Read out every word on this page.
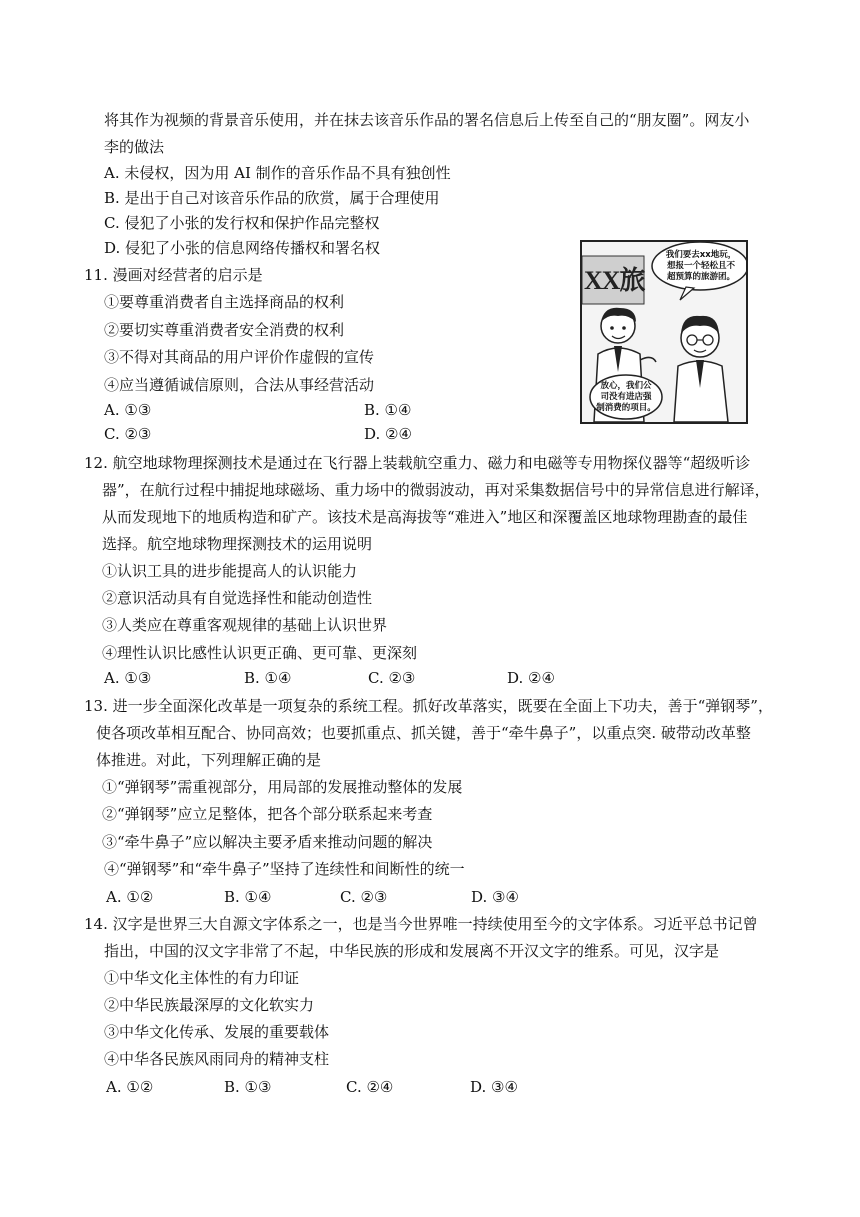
将其作为视频的背景音乐使用，并在抹去该音乐作品的署名信息后上传至自己的“朋友圈”。网友小
李的做法
A. 未侵权，因为用 AI 制作的音乐作品不具有独创性
B. 是出于自己对该音乐作品的欣赏，属于合理使用
C. 侵犯了小张的发行权和保护作品完整权
D. 侵犯了小张的信息网络传播权和署名权
11. 漫画对经营者的启示是
①要尊重消费者自主选择商品的权利
②要切实尊重消费者安全消费的权利
③不得对其商品的用户评价作虚假的宣传
④应当遵循诚信原则，合法从事经营活动
A. ①③	B. ①④
C. ②③	D. ②④
XX旅
我们要去xx地玩，
想报一个轻松且不
超预算的旅游团。
放心，我们公
司没有进店强
制消费的项目。
12. 航空地球物理探测技术是通过在飞行器上装载航空重力、磁力和电磁等专用物探仪器等“超级听诊
器”，在航行过程中捕捉地球磁场、重力场中的微弱波动，再对采集数据信号中的异常信息进行解译，
从而发现地下的地质构造和矿产。该技术是高海拔等“难进入”地区和深覆盖区地球物理勘查的最佳
选择。航空地球物理探测技术的运用说明
①认识工具的进步能提高人的认识能力
②意识活动具有自觉选择性和能动创造性
③人类应在尊重客观规律的基础上认识世界
④理性认识比感性认识更正确、更可靠、更深刻
A. ①③	B. ①④	C. ②③	D. ②④
13. 进一步全面深化改革是一项复杂的系统工程。抓好改革落实，既要在全面上下功夫，善于“弹钢琴”，
使各项改革相互配合、协同高效；也要抓重点、抓关键，善于“牵牛鼻子”，以重点突. 破带动改革整
体推进。对此，下列理解正确的是
①“弹钢琴”需重视部分，用局部的发展推动整体的发展
②“弹钢琴”应立足整体，把各个部分联系起来考查
③“牵牛鼻子”应以解决主要矛盾来推动问题的解决
④“弹钢琴”和“牵牛鼻子”坚持了连续性和间断性的统一
A. ①②	B. ①④	C. ②③	D. ③④
14. 汉字是世界三大自源文字体系之一，也是当今世界唯一持续使用至今的文字体系。习近平总书记曾
指出，中国的汉文字非常了不起，中华民族的形成和发展离不开汉文字的维系。可见，汉字是
①中华文化主体性的有力印证
②中华民族最深厚的文化软实力
③中华文化传承、发展的重要载体
④中华各民族风雨同舟的精神支柱
A. ①②	B. ①③	C. ②④	D. ③④
